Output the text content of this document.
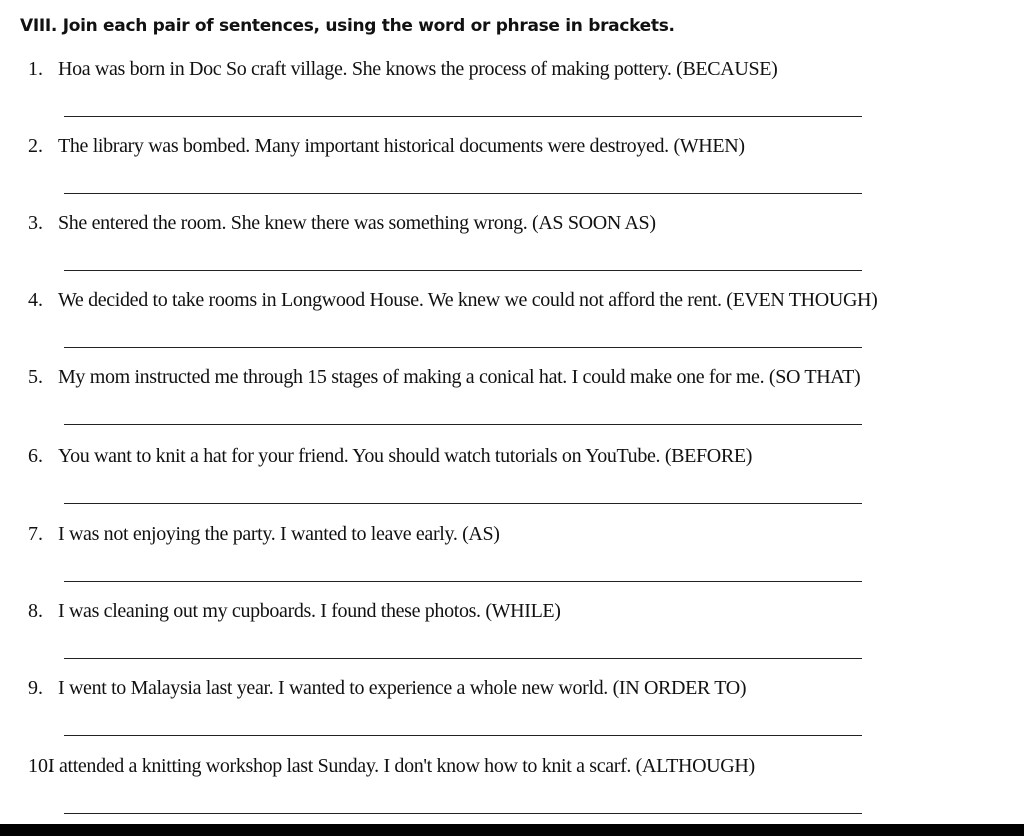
VIII. Join each pair of sentences, using the word or phrase in brackets.
1. Hoa was born in Doc So craft village. She knows the process of making pottery. (BECAUSE)
2. The library was bombed. Many important historical documents were destroyed. (WHEN)
3. She entered the room. She knew there was something wrong. (AS SOON AS)
4. We decided to take rooms in Longwood House. We knew we could not afford the rent. (EVEN THOUGH)
5. My mom instructed me through 15 stages of making a conical hat. I could make one for me. (SO THAT)
6. You want to knit a hat for your friend. You should watch tutorials on YouTube. (BEFORE)
7. I was not enjoying the party. I wanted to leave early. (AS)
8. I was cleaning out my cupboards. I found these photos. (WHILE)
9. I went to Malaysia last year. I wanted to experience a whole new world. (IN ORDER TO)
10.
I attended a knitting workshop last Sunday. I don't know how to knit a scarf. (ALTHOUGH)
